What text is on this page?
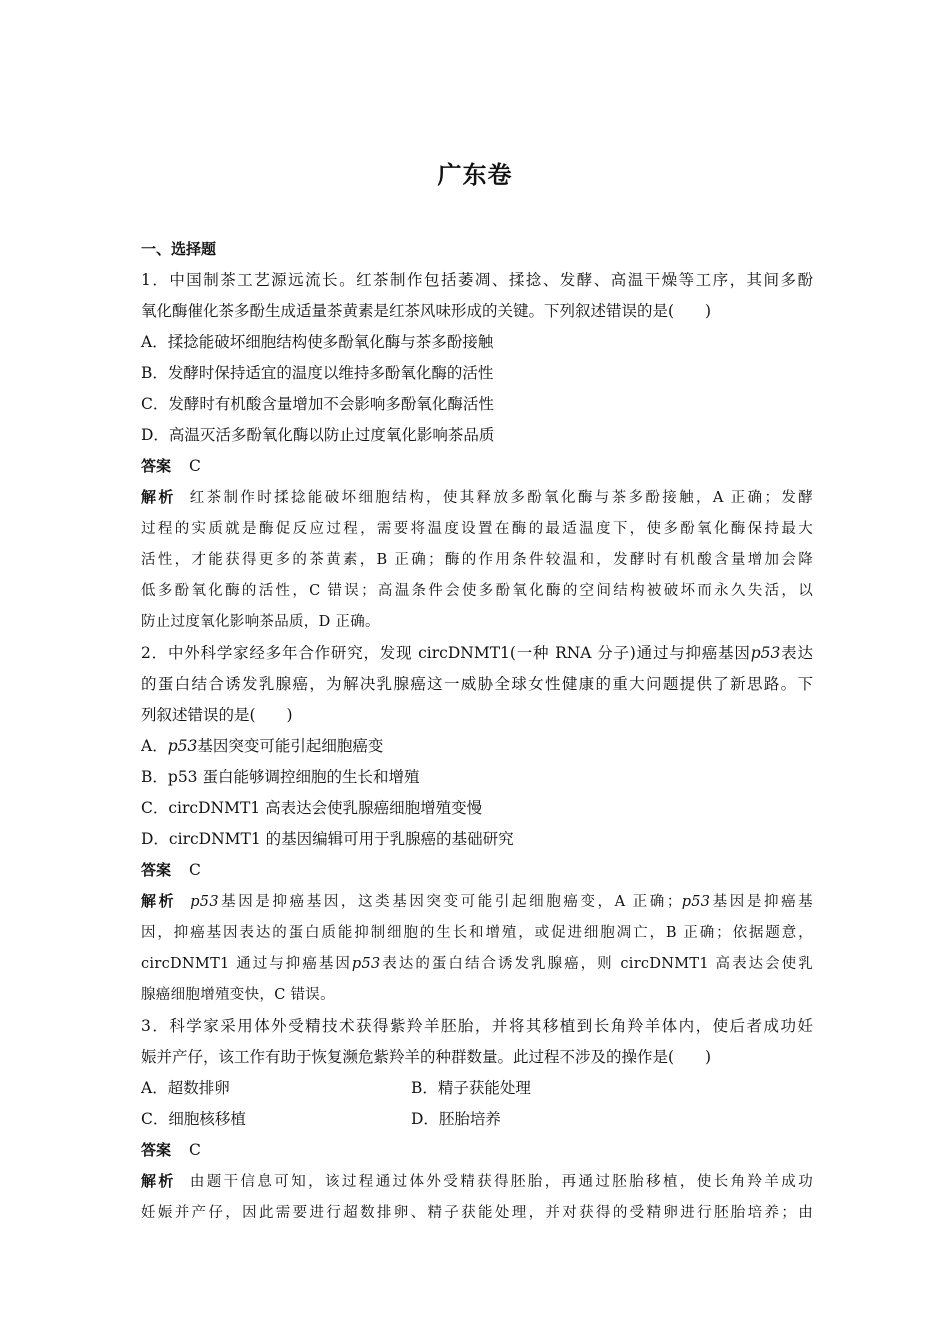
广东卷
一、选择题
1．中国制茶工艺源远流长。红茶制作包括萎凋、揉捻、发酵、高温干燥等工序，其间多酚
氧化酶催化茶多酚生成适量茶黄素是红茶风味形成的关键。下列叙述错误的是(　　)
A．揉捻能破坏细胞结构使多酚氧化酶与茶多酚接触
B．发酵时保持适宜的温度以维持多酚氧化酶的活性
C．发酵时有机酸含量增加不会影响多酚氧化酶活性
D．高温灭活多酚氧化酶以防止过度氧化影响茶品质
答案 C
解析 红茶制作时揉捻能破坏细胞结构，使其释放多酚氧化酶与茶多酚接触，A 正确；发酵
过程的实质就是酶促反应过程，需要将温度设置在酶的最适温度下，使多酚氧化酶保持最大
活性，才能获得更多的茶黄素，B 正确；酶的作用条件较温和，发酵时有机酸含量增加会降
低多酚氧化酶的活性，C 错误；高温条件会使多酚氧化酶的空间结构被破坏而永久失活，以
防止过度氧化影响茶品质，D 正确。
2．中外科学家经多年合作研究，发现 circDNMT1(一种 RNA 分子)通过与抑癌基因p53表达
的蛋白结合诱发乳腺癌，为解决乳腺癌这一威胁全球女性健康的重大问题提供了新思路。下
列叙述错误的是(　　)
A．p53基因突变可能引起细胞癌变
B．p53 蛋白能够调控细胞的生长和增殖
C．circDNMT1 高表达会使乳腺癌细胞增殖变慢
D．circDNMT1 的基因编辑可用于乳腺癌的基础研究
答案 C
解析 p53基因是抑癌基因，这类基因突变可能引起细胞癌变，A 正确；p53基因是抑癌基
因，抑癌基因表达的蛋白质能抑制细胞的生长和增殖，或促进细胞凋亡，B 正确；依据题意，
circDNMT1 通过与抑癌基因p53表达的蛋白结合诱发乳腺癌，则 circDNMT1 高表达会使乳
腺癌细胞增殖变快，C 错误。
3．科学家采用体外受精技术获得紫羚羊胚胎，并将其移植到长角羚羊体内，使后者成功妊
娠并产仔，该工作有助于恢复濒危紫羚羊的种群数量。此过程不涉及的操作是(　　)
A．超数排卵	B．精子获能处理
C．细胞核移植	D．胚胎培养
答案 C
解析 由题干信息可知，该过程通过体外受精获得胚胎，再通过胚胎移植，使长角羚羊成功
妊娠并产仔，因此需要进行超数排卵、精子获能处理，并对获得的受精卵进行胚胎培养；由
